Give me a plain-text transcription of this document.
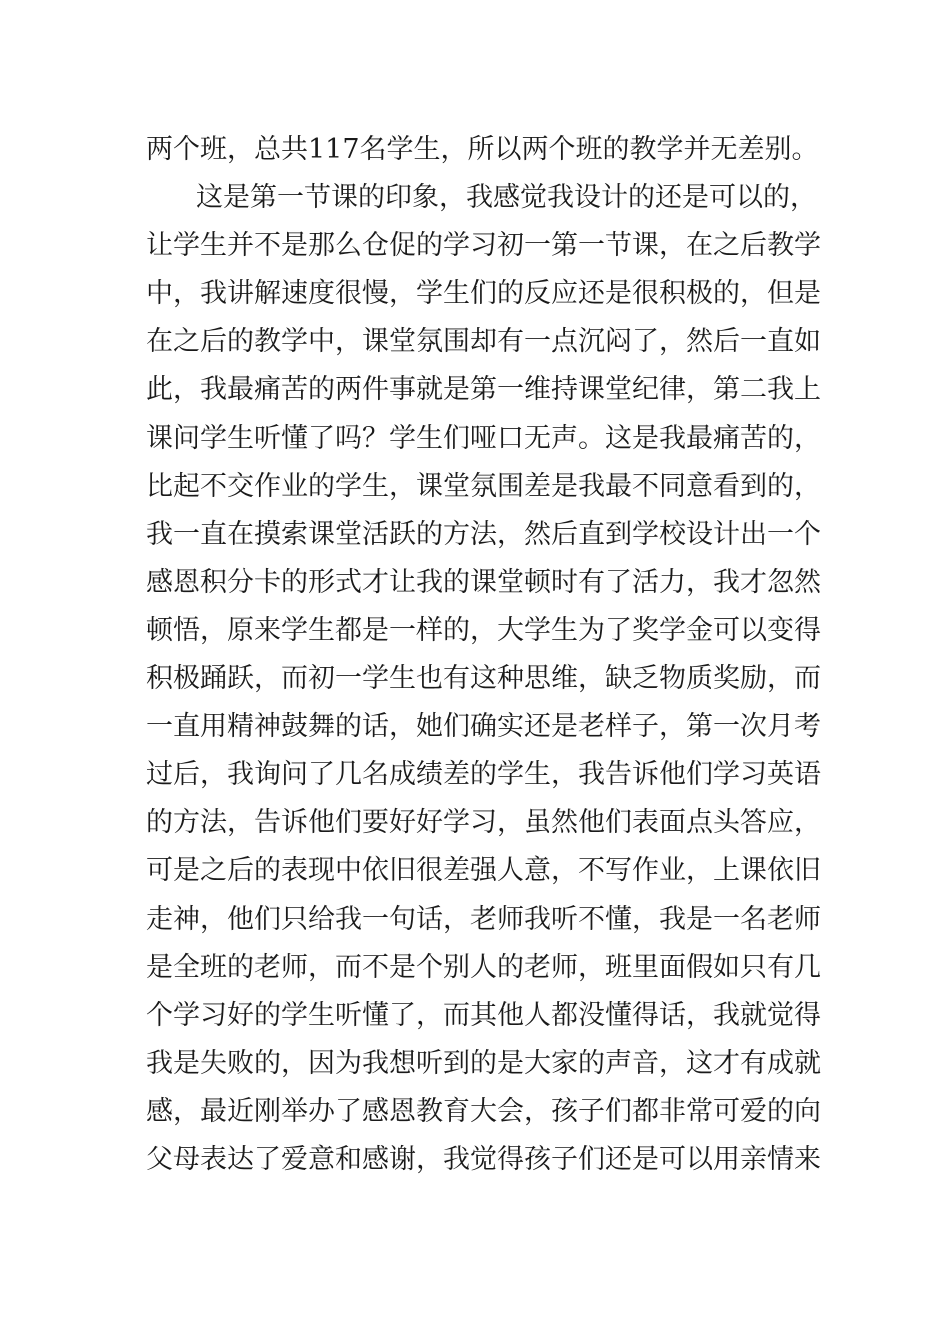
两个班，总共117名学生，所以两个班的教学并无差别。
这是第一节课的印象，我感觉我设计的还是可以的，
让学生并不是那么仓促的学习初一第一节课，在之后教学
中，我讲解速度很慢，学生们的反应还是很积极的，但是
在之后的教学中，课堂氛围却有一点沉闷了，然后一直如
此，我最痛苦的两件事就是第一维持课堂纪律，第二我上
课问学生听懂了吗？学生们哑口无声。这是我最痛苦的，
比起不交作业的学生，课堂氛围差是我最不同意看到的，
我一直在摸索课堂活跃的方法，然后直到学校设计出一个
感恩积分卡的形式才让我的课堂顿时有了活力，我才忽然
顿悟，原来学生都是一样的，大学生为了奖学金可以变得
积极踊跃，而初一学生也有这种思维，缺乏物质奖励，而
一直用精神鼓舞的话，她们确实还是老样子，第一次月考
过后，我询问了几名成绩差的学生，我告诉他们学习英语
的方法，告诉他们要好好学习，虽然他们表面点头答应，
可是之后的表现中依旧很差强人意，不写作业，上课依旧
走神，他们只给我一句话，老师我听不懂，我是一名老师
是全班的老师，而不是个别人的老师，班里面假如只有几
个学习好的学生听懂了，而其他人都没懂得话，我就觉得
我是失败的，因为我想听到的是大家的声音，这才有成就
感，最近刚举办了感恩教育大会，孩子们都非常可爱的向
父母表达了爱意和感谢，我觉得孩子们还是可以用亲情来
